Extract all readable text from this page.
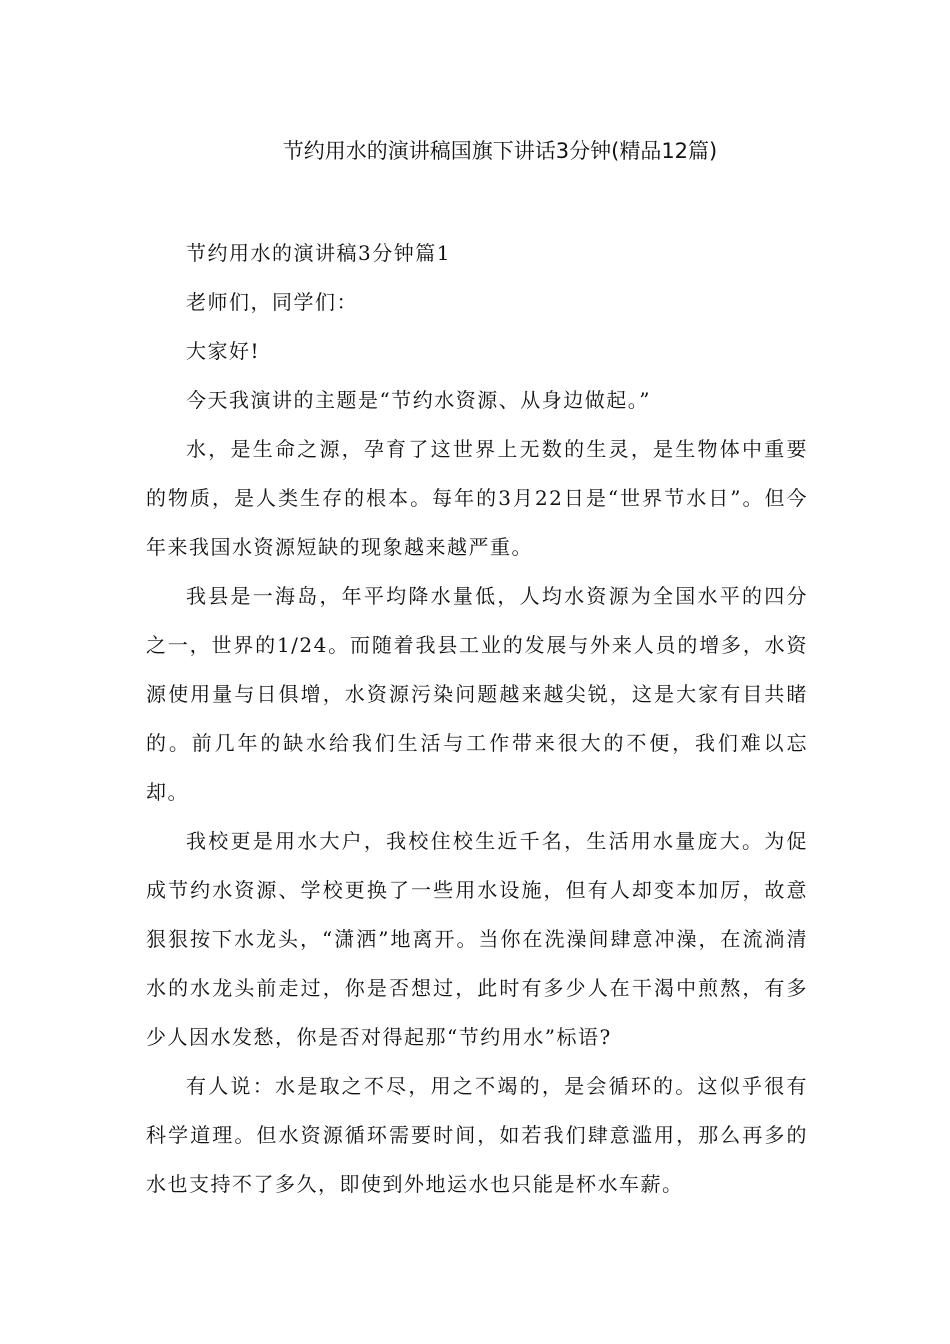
节约用水的演讲稿国旗下讲话3分钟(精品12篇)

节约用水的演讲稿3分钟篇1

老师们，同学们：

大家好!

今天我演讲的主题是“节约水资源、从身边做起。”

水，是生命之源，孕育了这世界上无数的生灵，是生物体中重要的物质，是人类生存的根本。每年的3月22日是“世界节水日”。但今年来我国水资源短缺的现象越来越严重。

我县是一海岛，年平均降水量低，人均水资源为全国水平的四分之一，世界的1/24。而随着我县工业的发展与外来人员的增多，水资源使用量与日俱增，水资源污染问题越来越尖锐，这是大家有目共睹的。前几年的缺水给我们生活与工作带来很大的不便，我们难以忘却。

我校更是用水大户，我校住校生近千名，生活用水量庞大。为促成节约水资源、学校更换了一些用水设施，但有人却变本加厉，故意狠狠按下水龙头，“潇洒”地离开。当你在洗澡间肆意冲澡，在流淌清水的水龙头前走过，你是否想过，此时有多少人在干渴中煎熬，有多少人因水发愁，你是否对得起那“节约用水”标语?

有人说：水是取之不尽，用之不竭的，是会循环的。这似乎很有科学道理。但水资源循环需要时间，如若我们肆意滥用，那么再多的水也支持不了多久，即使到外地运水也只能是杯水车薪。
